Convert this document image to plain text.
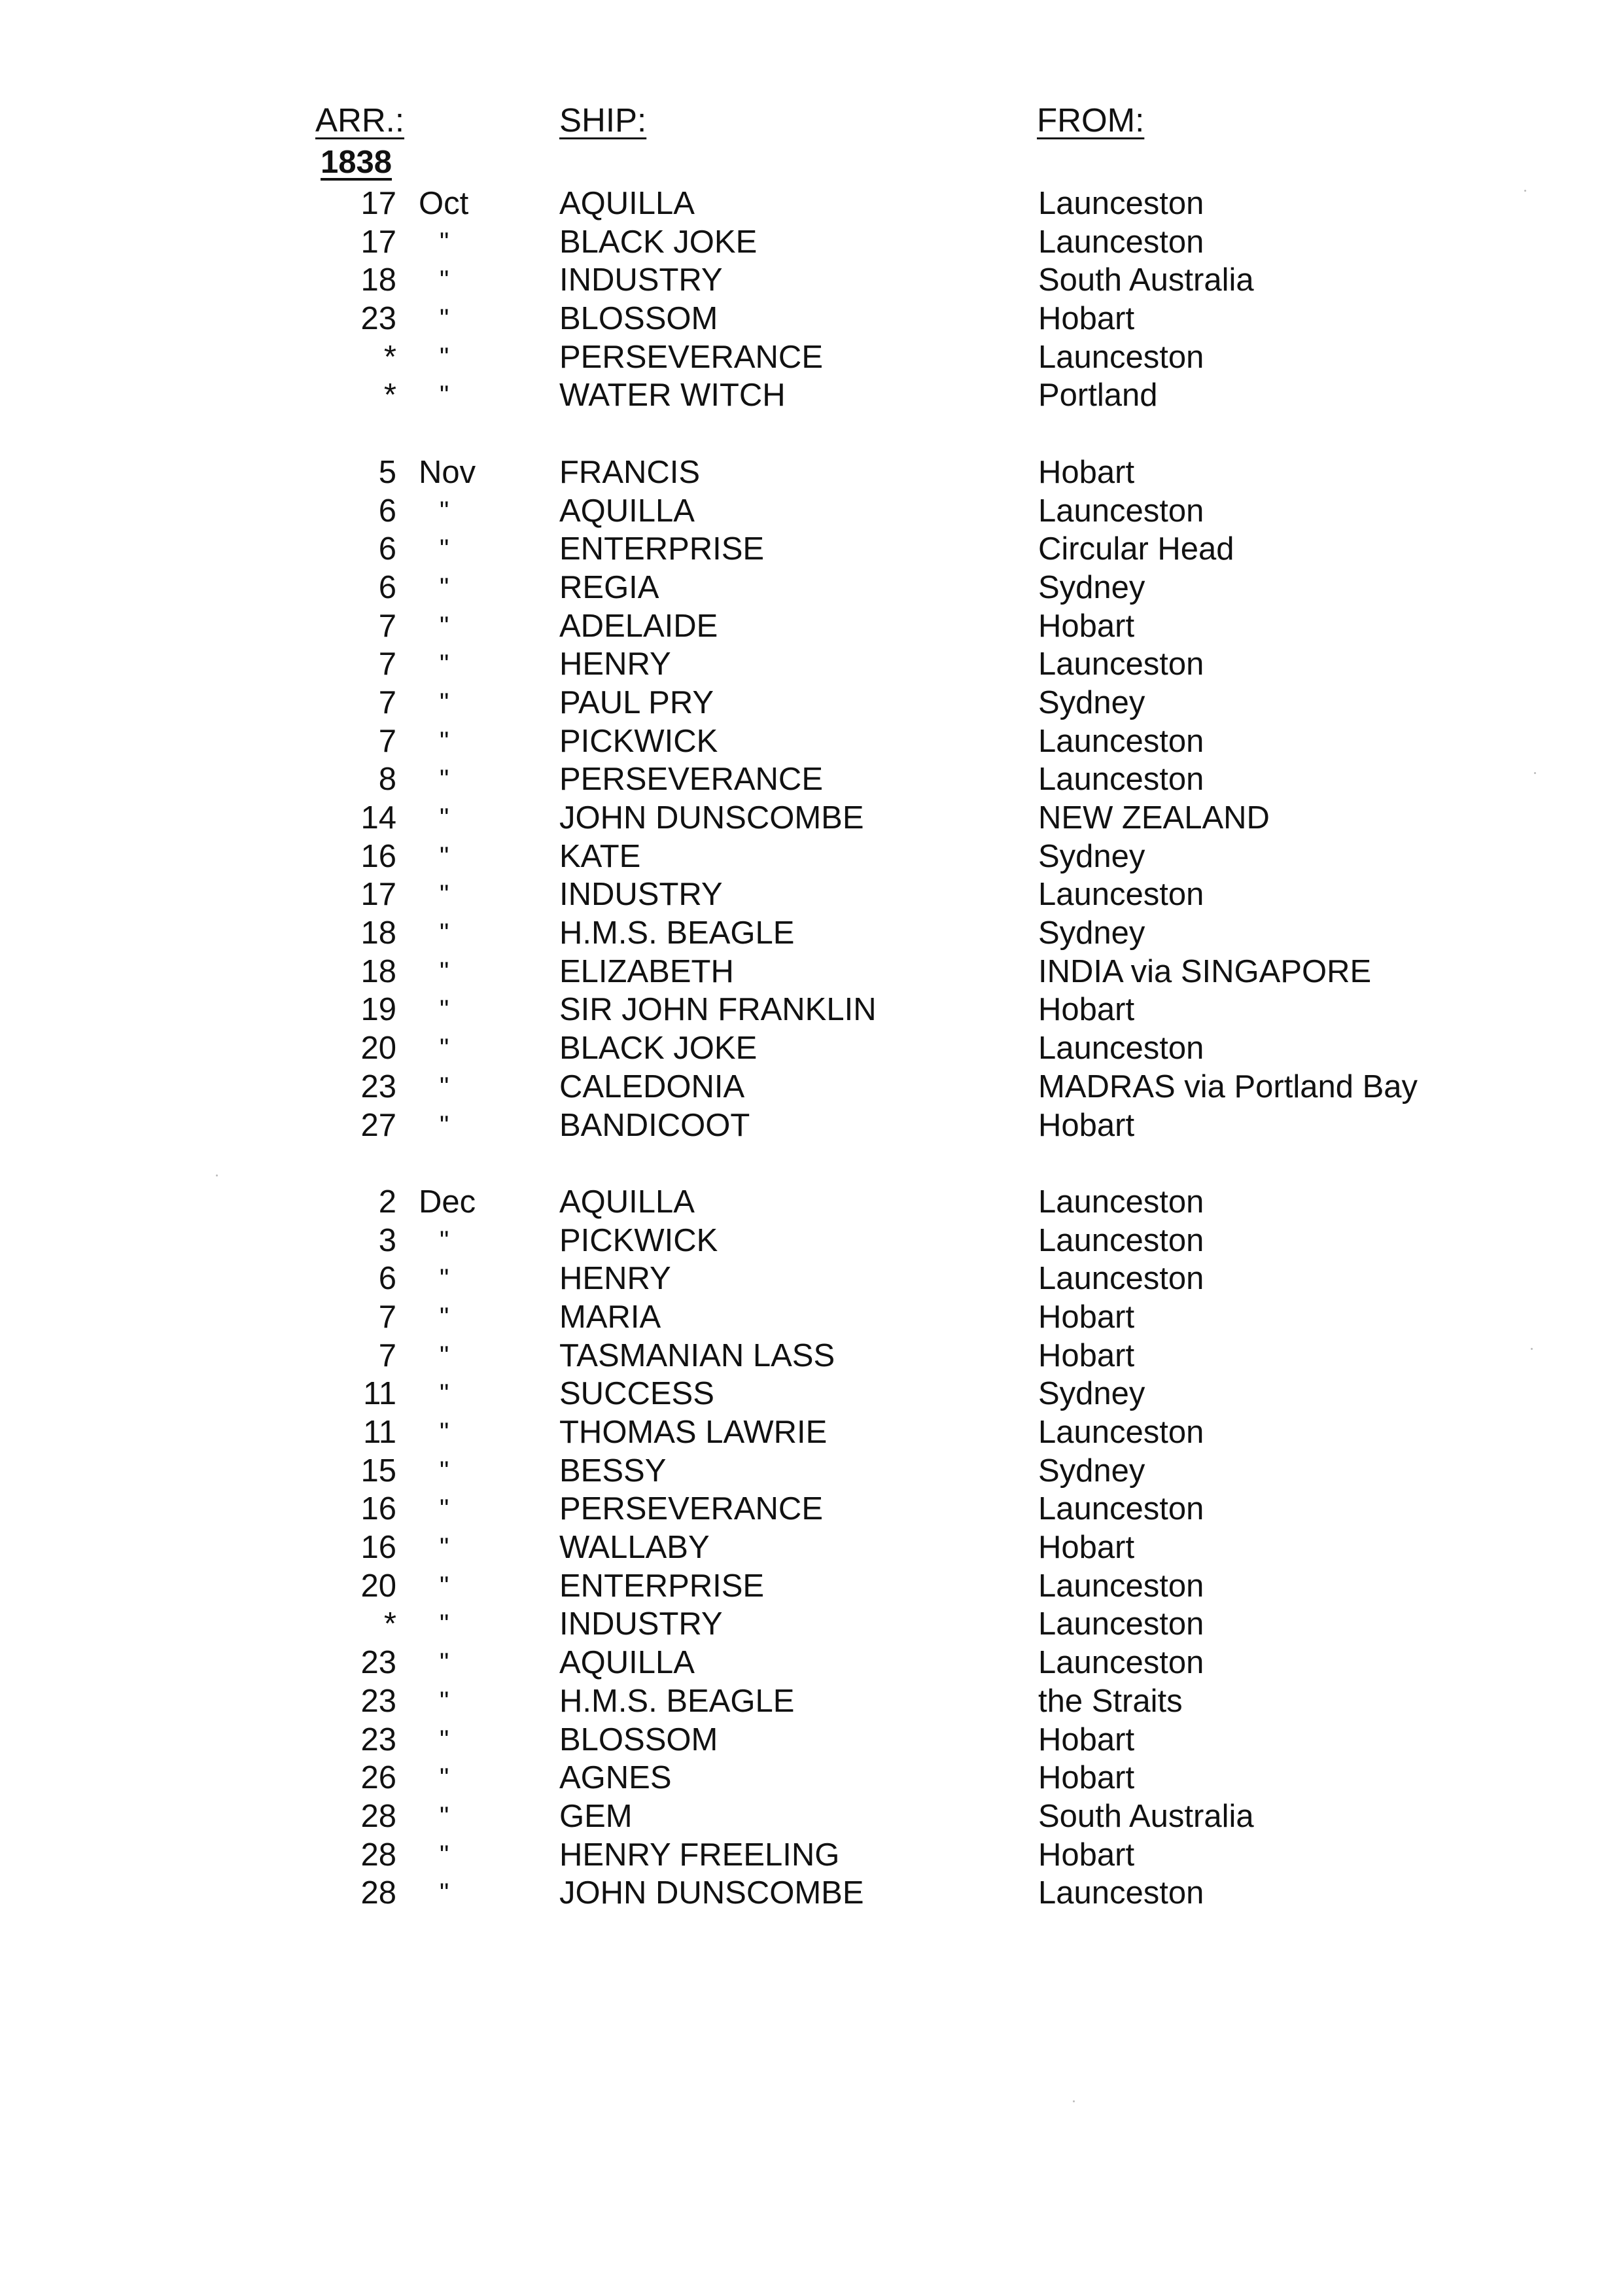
ARR.:	SHIP:	FROM:
1838
17 Oct	AQUILLA	Launceston
17 "	BLACK JOKE	Launceston
18 "	INDUSTRY	South Australia
23 "	BLOSSOM	Hobart
* "	PERSEVERANCE	Launceston
* "	WATER WITCH	Portland
5 Nov	FRANCIS	Hobart
6 "	AQUILLA	Launceston
6 "	ENTERPRISE	Circular Head
6 "	REGIA	Sydney
7 "	ADELAIDE	Hobart
7 "	HENRY	Launceston
7 "	PAUL PRY	Sydney
7 "	PICKWICK	Launceston
8 "	PERSEVERANCE	Launceston
14 "	JOHN DUNSCOMBE	NEW ZEALAND
16 "	KATE	Sydney
17 "	INDUSTRY	Launceston
18 "	H.M.S. BEAGLE	Sydney
18 "	ELIZABETH	INDIA via SINGAPORE
19 "	SIR JOHN FRANKLIN	Hobart
20 "	BLACK JOKE	Launceston
23 "	CALEDONIA	MADRAS via Portland Bay
27 "	BANDICOOT	Hobart
2 Dec	AQUILLA	Launceston
3 "	PICKWICK	Launceston
6 "	HENRY	Launceston
7 "	MARIA	Hobart
7 "	TASMANIAN LASS	Hobart
11 "	SUCCESS	Sydney
11 "	THOMAS LAWRIE	Launceston
15 "	BESSY	Sydney
16 "	PERSEVERANCE	Launceston
16 "	WALLABY	Hobart
20 "	ENTERPRISE	Launceston
* "	INDUSTRY	Launceston
23 "	AQUILLA	Launceston
23 "	H.M.S. BEAGLE	the Straits
23 "	BLOSSOM	Hobart
26 "	AGNES	Hobart
28 "	GEM	South Australia
28 "	HENRY FREELING	Hobart
28 "	JOHN DUNSCOMBE	Launceston
